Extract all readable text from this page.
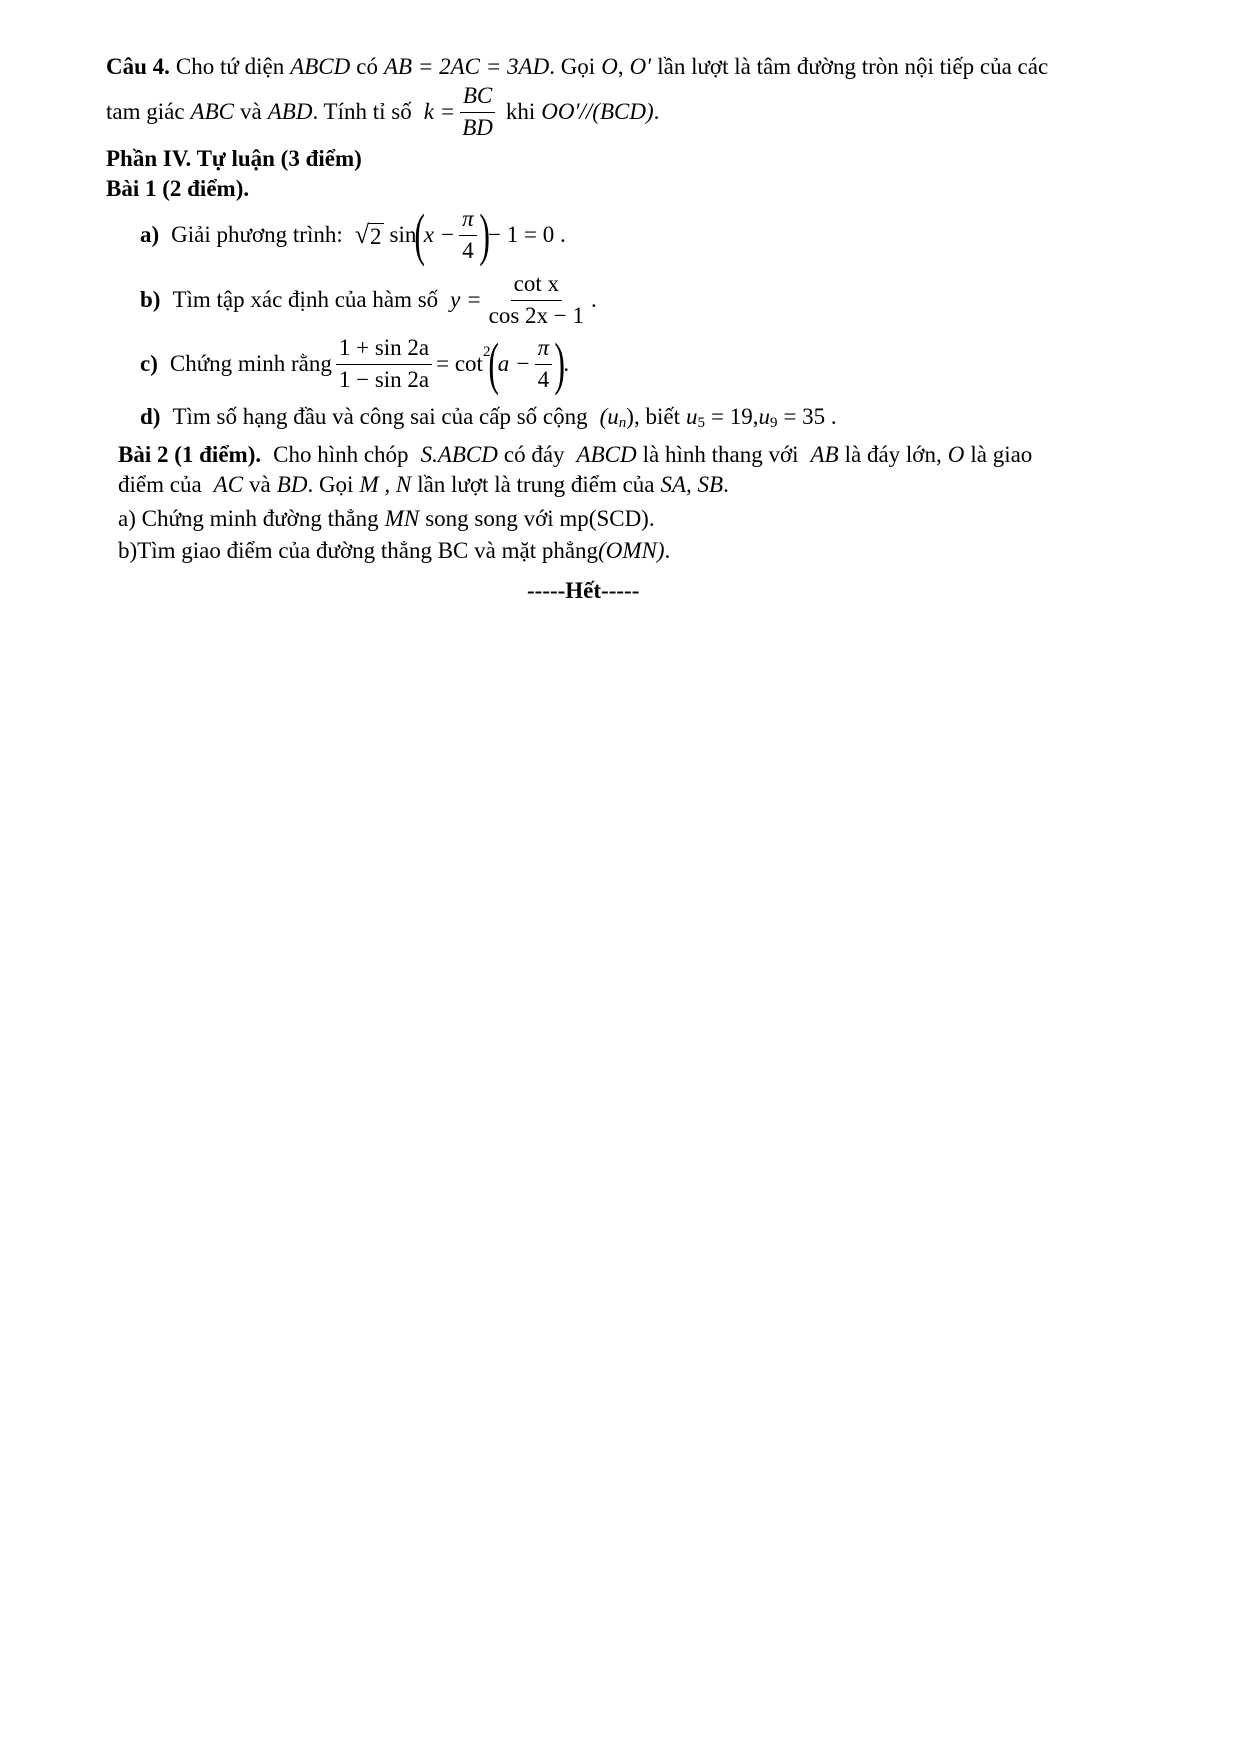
Câu 4. Cho tứ diện ABCD có AB = 2AC = 3AD . Gọi O , O′ lần lượt là tâm đường tròn nội tiếp của các
tam giác ABC và ABD . Tính tỉ số $k = \frac{BC}{BD}$ khi OO′//(BCD) .
Phần IV. Tự luận (3 điểm)
Bài 1 (2 điểm).
a) Giải phương trình: √ 2 sin
(
$x - \frac{\pi}{4}$ )
− 1 = 0 .
b) Tìm tập xác định của hàm số $y = \frac{\text{cot x}}{\cos 2x - 1}$ .
c) Chứng minh rằng $\frac{1 + \sin 2a}{1 - \sin 2a} = \cot^2$
(
$a - \frac{\pi}{4}$ )
.
d) Tìm số hạng đầu và công sai của cấp số cộng ($u_n$ ) , biết $u_5 = 19$, $u_9 = 35$ .
Bài 2 (1 điểm). Cho hình chóp S.ABCD có đáy ABCD là hình thang với AB là đáy lớn, O là giao
điểm của AC và BD . Gọi M , N lần lượt là trung điểm của SA, SB .
a) Chứng minh đường thẳng MN song song với mp(SCD).
b)Tìm giao điểm của đường thẳng BC và mặt phẳng (OMN) .
-----Hết-----
